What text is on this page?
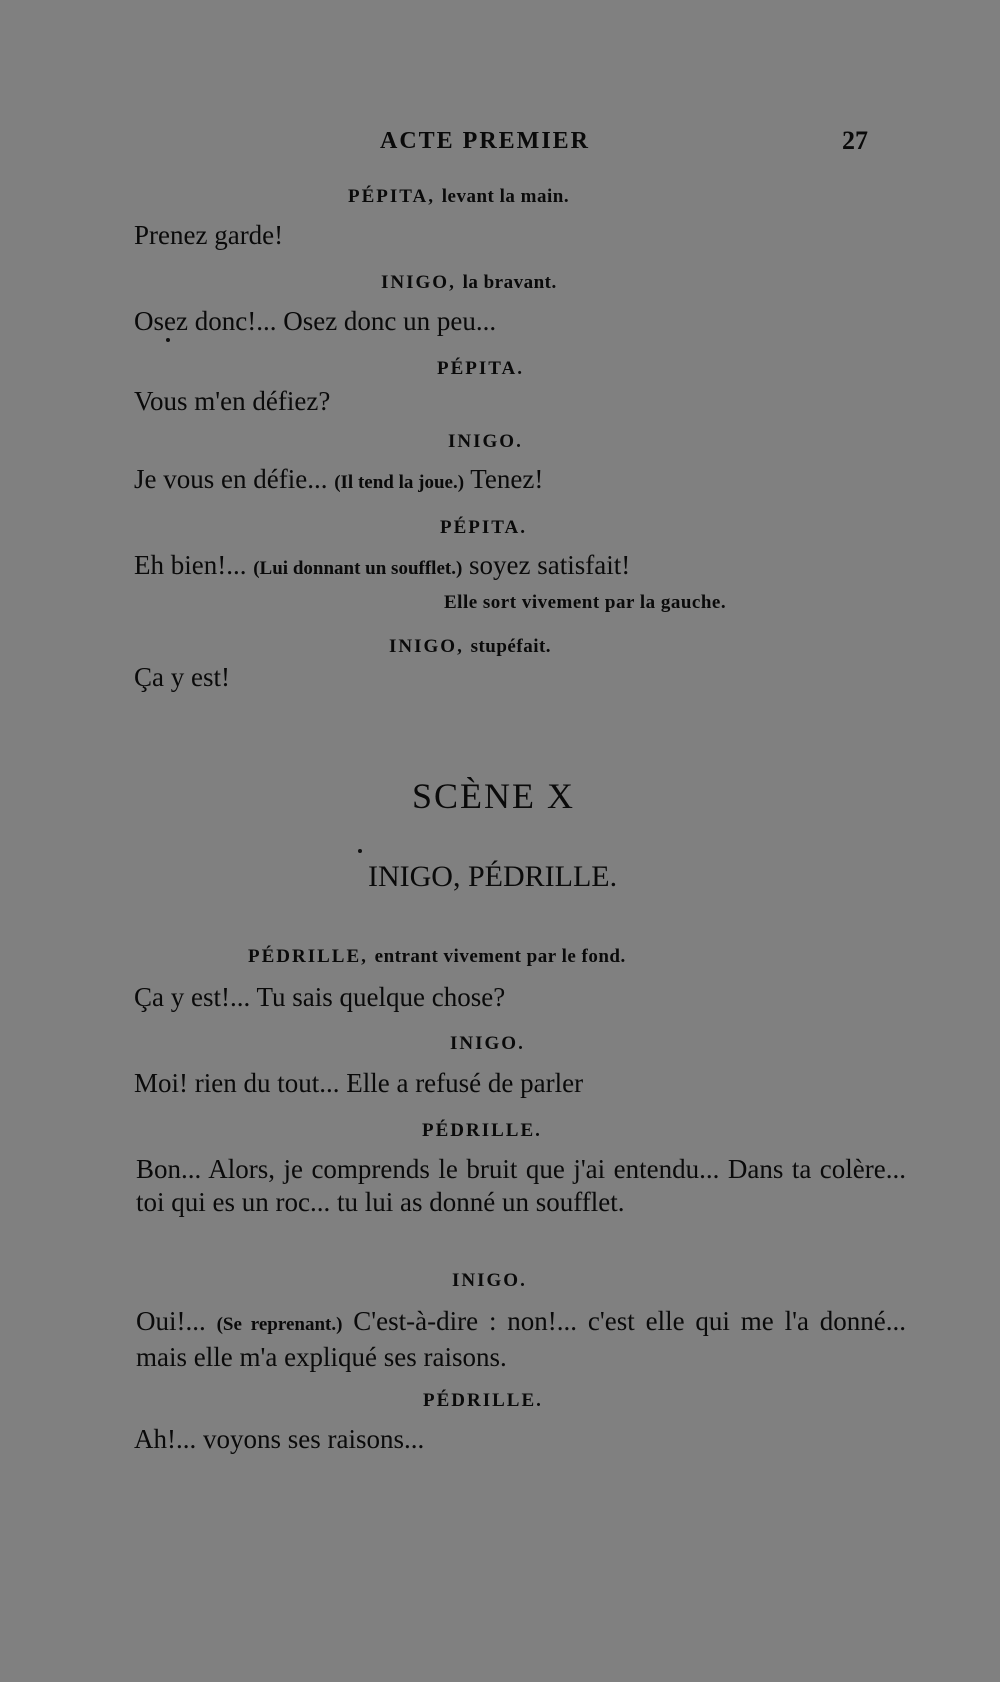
ACTE PREMIER	27
PÉPITA, levant la main.
Prenez garde!
INIGO, la bravant.
Osez donc!... Osez donc un peu...
PÉPITA.
Vous m'en défiez?
INIGO.
Je vous en défie... (Il tend la joue.) Tenez!
PÉPITA.
Eh bien!... (Lui donnant un soufflet.) soyez satisfait!
Elle sort vivement par la gauche.
INIGO, stupéfait.
Ça y est!
SCÈNE X
INIGO, PÉDRILLE.
PÉDRILLE, entrant vivement par le fond.
Ça y est!... Tu sais quelque chose?
INIGO.
Moi! rien du tout... Elle a refusé de parler
PÉDRILLE.
Bon... Alors, je comprends le bruit que j'ai entendu... Dans ta colère... toi qui es un roc... tu lui as donné un soufflet.
INIGO.
Oui!... (Se reprenant.) C'est-à-dire : non!... c'est elle qui me l'a donné... mais elle m'a expliqué ses raisons.
PÉDRILLE.
Ah!... voyons ses raisons...
